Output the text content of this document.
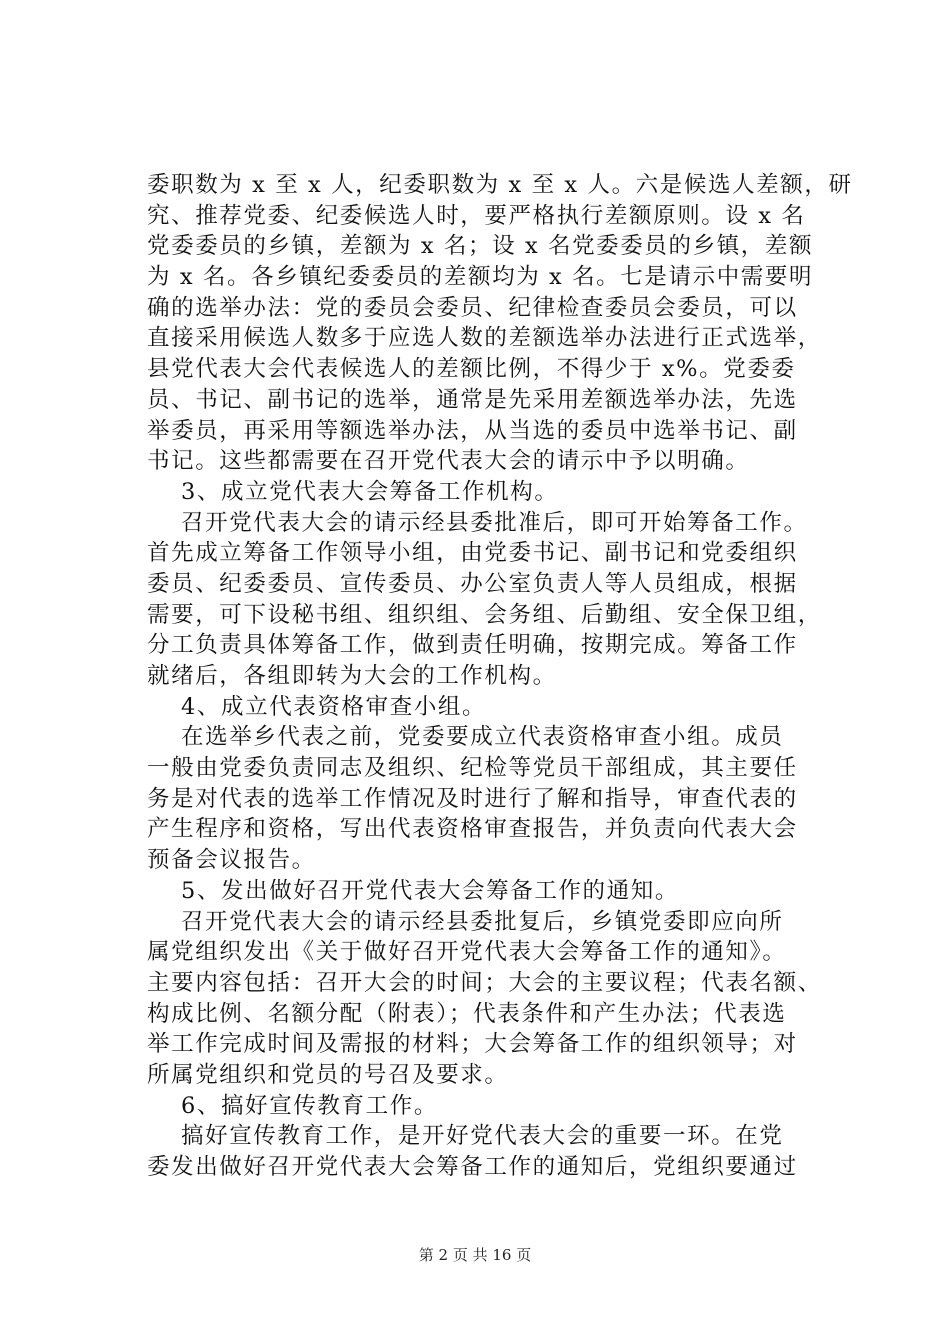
委职数为 x 至 x 人，纪委职数为 x 至 x 人。六是候选人差额，研
究、推荐党委、纪委候选人时，要严格执行差额原则。设 x 名
党委委员的乡镇，差额为 x 名；设 x 名党委委员的乡镇，差额
为 x 名。各乡镇纪委委员的差额均为 x 名。七是请示中需要明
确的选举办法：党的委员会委员、纪律检查委员会委员，可以
直接采用候选人数多于应选人数的差额选举办法进行正式选举，
县党代表大会代表候选人的差额比例，不得少于 x%。党委委
员、书记、副书记的选举，通常是先采用差额选举办法，先选
举委员，再采用等额选举办法，从当选的委员中选举书记、副
书记。这些都需要在召开党代表大会的请示中予以明确。
3、成立党代表大会筹备工作机构。
召开党代表大会的请示经县委批准后，即可开始筹备工作。
首先成立筹备工作领导小组，由党委书记、副书记和党委组织
委员、纪委委员、宣传委员、办公室负责人等人员组成，根据
需要，可下设秘书组、组织组、会务组、后勤组、安全保卫组，
分工负责具体筹备工作，做到责任明确，按期完成。筹备工作
就绪后，各组即转为大会的工作机构。
4、成立代表资格审查小组。
在选举乡代表之前，党委要成立代表资格审查小组。成员
一般由党委负责同志及组织、纪检等党员干部组成，其主要任
务是对代表的选举工作情况及时进行了解和指导，审查代表的
产生程序和资格，写出代表资格审查报告，并负责向代表大会
预备会议报告。
5、发出做好召开党代表大会筹备工作的通知。
召开党代表大会的请示经县委批复后，乡镇党委即应向所
属党组织发出《关于做好召开党代表大会筹备工作的通知》。
主要内容包括：召开大会的时间；大会的主要议程；代表名额、
构成比例、名额分配（附表）；代表条件和产生办法；代表选
举工作完成时间及需报的材料；大会筹备工作的组织领导；对
所属党组织和党员的号召及要求。
6、搞好宣传教育工作。
搞好宣传教育工作，是开好党代表大会的重要一环。在党
委发出做好召开党代表大会筹备工作的通知后，党组织要通过
第 2 页 共 16 页
